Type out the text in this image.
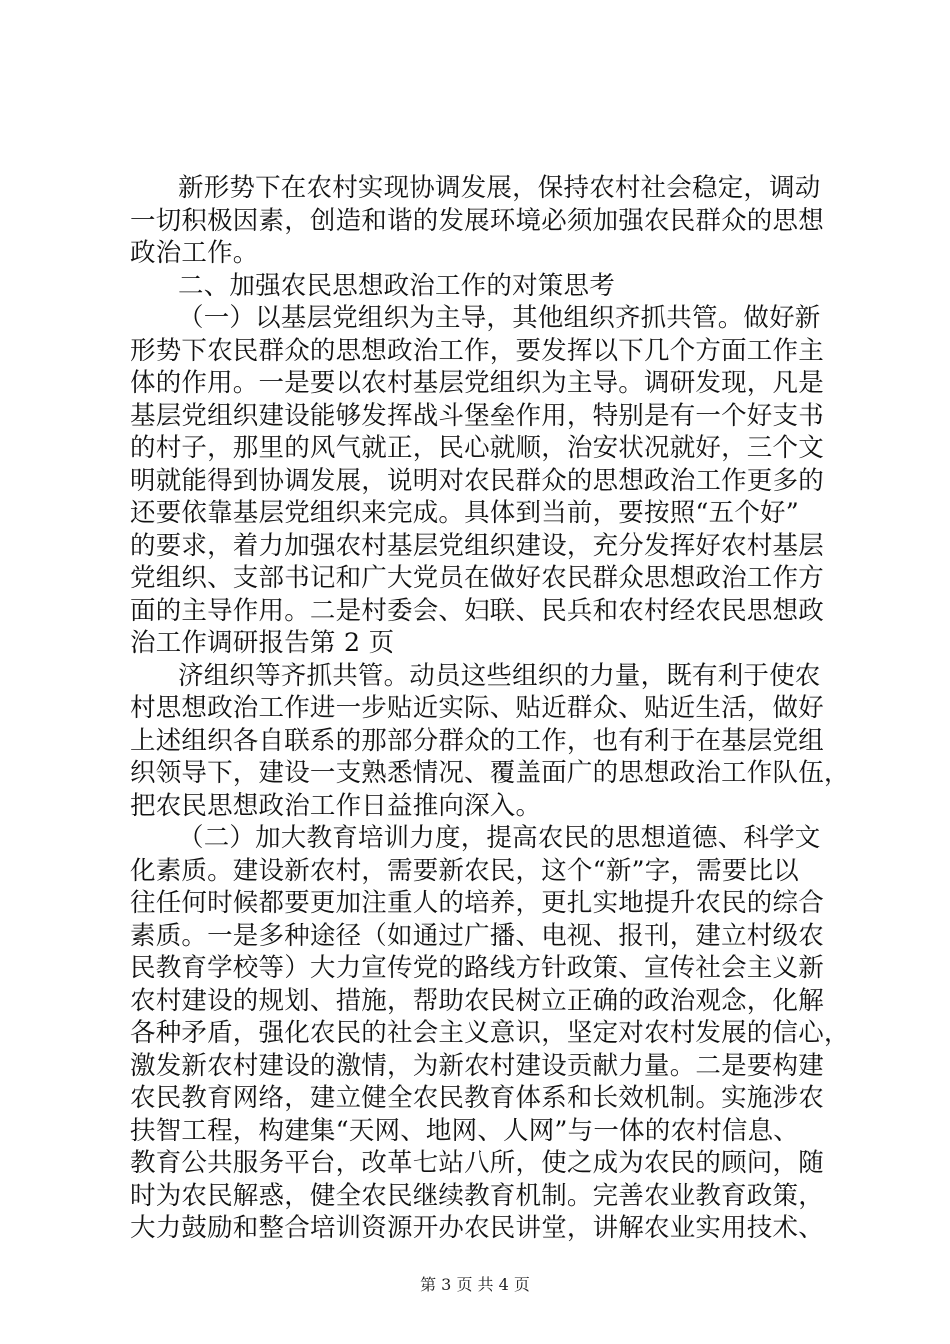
新形势下在农村实现协调发展，保持农村社会稳定，调动
一切积极因素，创造和谐的发展环境必须加强农民群众的思想
政治工作。
二、加强农民思想政治工作的对策思考
（一）以基层党组织为主导，其他组织齐抓共管。做好新
形势下农民群众的思想政治工作，要发挥以下几个方面工作主
体的作用。一是要以农村基层党组织为主导。调研发现，凡是
基层党组织建设能够发挥战斗堡垒作用，特别是有一个好支书
的村子，那里的风气就正，民心就顺，治安状况就好，三个文
明就能得到协调发展，说明对农民群众的思想政治工作更多的
还要依靠基层党组织来完成。具体到当前，要按照“五个好”
的要求，着力加强农村基层党组织建设，充分发挥好农村基层
党组织、支部书记和广大党员在做好农民群众思想政治工作方
面的主导作用。二是村委会、妇联、民兵和农村经农民思想政
治工作调研报告第 2 页
济组织等齐抓共管。动员这些组织的力量，既有利于使农
村思想政治工作进一步贴近实际、贴近群众、贴近生活，做好
上述组织各自联系的那部分群众的工作，也有利于在基层党组
织领导下，建设一支熟悉情况、覆盖面广的思想政治工作队伍，
把农民思想政治工作日益推向深入。
（二）加大教育培训力度，提高农民的思想道德、科学文
化素质。建设新农村，需要新农民，这个“新”字，需要比以
往任何时候都要更加注重人的培养，更扎实地提升农民的综合
素质。一是多种途径（如通过广播、电视、报刊，建立村级农
民教育学校等）大力宣传党的路线方针政策、宣传社会主义新
农村建设的规划、措施，帮助农民树立正确的政治观念，化解
各种矛盾，强化农民的社会主义意识，坚定对农村发展的信心，
激发新农村建设的激情，为新农村建设贡献力量。二是要构建
农民教育网络，建立健全农民教育体系和长效机制。实施涉农
扶智工程，构建集“天网、地网、人网”与一体的农村信息、
教育公共服务平台，改革七站八所，使之成为农民的顾问，随
时为农民解惑，健全农民继续教育机制。完善农业教育政策，
大力鼓励和整合培训资源开办农民讲堂，讲解农业实用技术、
第 3 页 共 4 页
